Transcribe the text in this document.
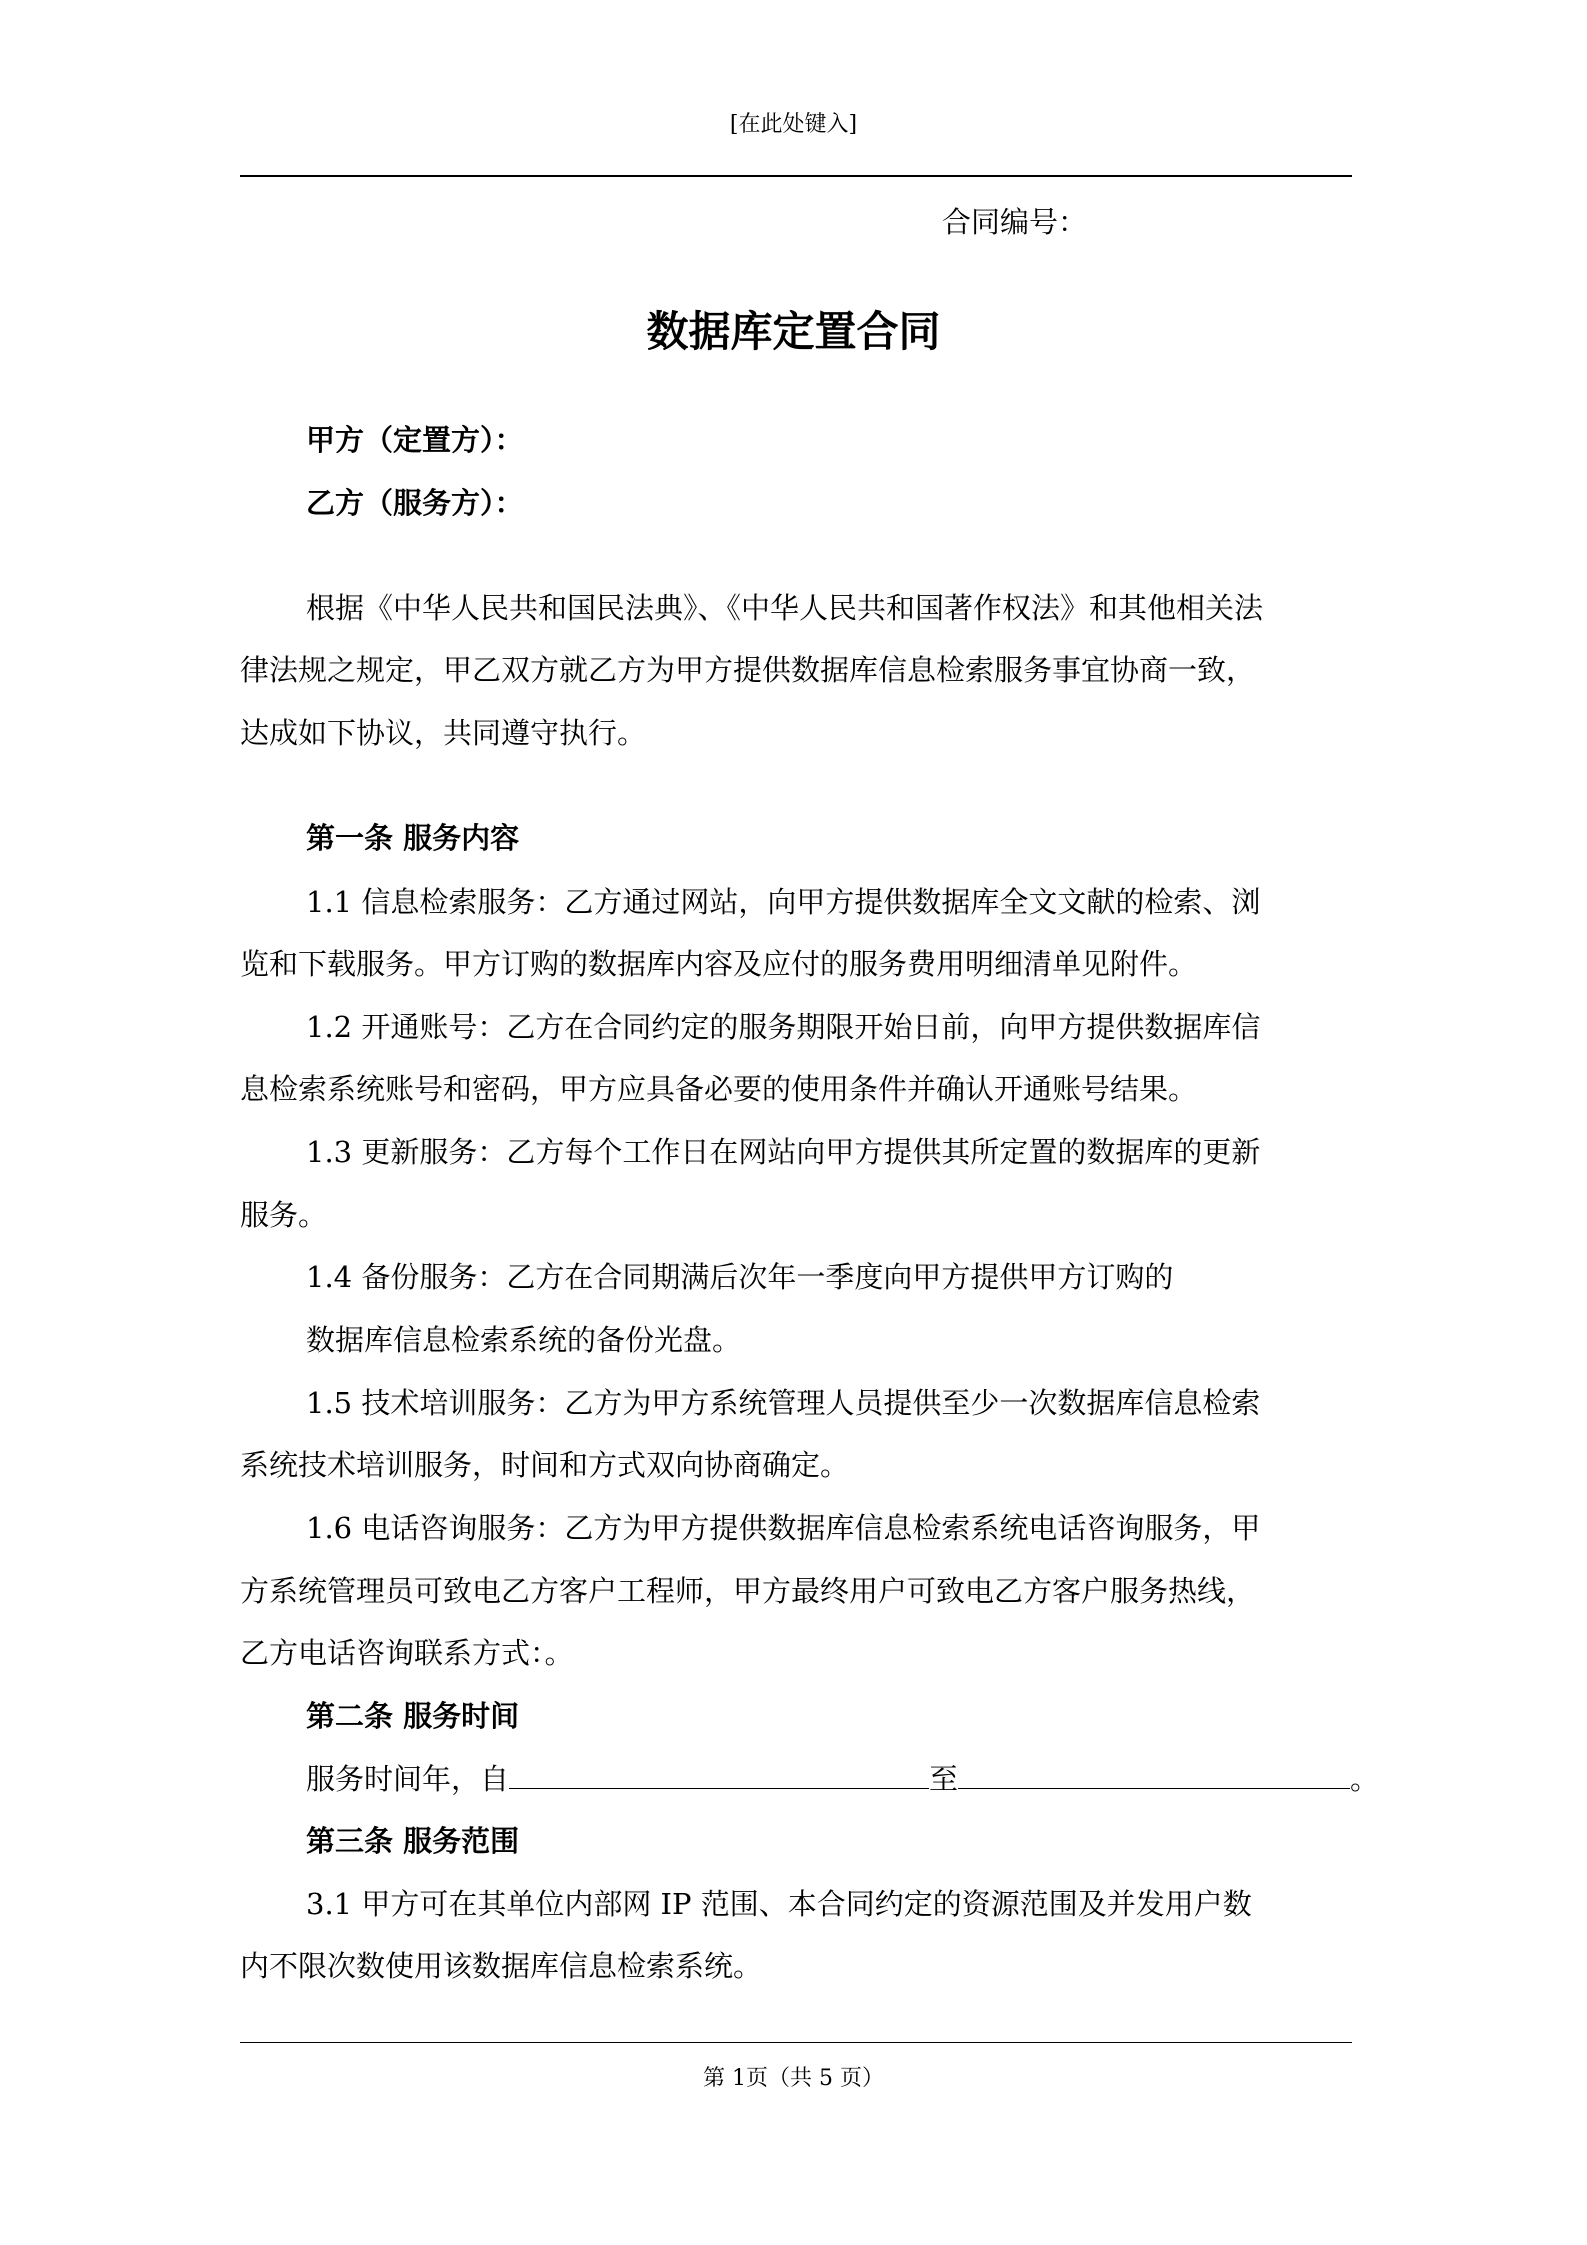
[在此处键入]
合同编号：
数据库定置合同
甲方（定置方）：
乙方（服务方）：
根据《中华人民共和国民法典》、《中华人民共和国著作权法》和其他相关法
律法规之规定，甲乙双方就乙方为甲方提供数据库信息检索服务事宜协商一致，
达成如下协议，共同遵守执行。
第一条 服务内容
1.1 信息检索服务：乙方通过网站，向甲方提供数据库全文文献的检索、浏
览和下载服务。甲方订购的数据库内容及应付的服务费用明细清单见附件。
1.2 开通账号：乙方在合同约定的服务期限开始日前，向甲方提供数据库信
息检索系统账号和密码，甲方应具备必要的使用条件并确认开通账号结果。
1.3 更新服务：乙方每个工作日在网站向甲方提供其所定置的数据库的更新
服务。
1.4 备份服务：乙方在合同期满后次年一季度向甲方提供甲方订购的
数据库信息检索系统的备份光盘。
1.5 技术培训服务：乙方为甲方系统管理人员提供至少一次数据库信息检索
系统技术培训服务，时间和方式双向协商确定。
1.6 电话咨询服务：乙方为甲方提供数据库信息检索系统电话咨询服务，甲
方系统管理员可致电乙方客户工程师，甲方最终用户可致电乙方客户服务热线，
乙方电话咨询联系方式：。
第二条 服务时间
服务时间年，自	至	。
第三条 服务范围
3.1 甲方可在其单位内部网 IP 范围、本合同约定的资源范围及并发用户数
内不限次数使用该数据库信息检索系统。
第 1页（共 5 页）
